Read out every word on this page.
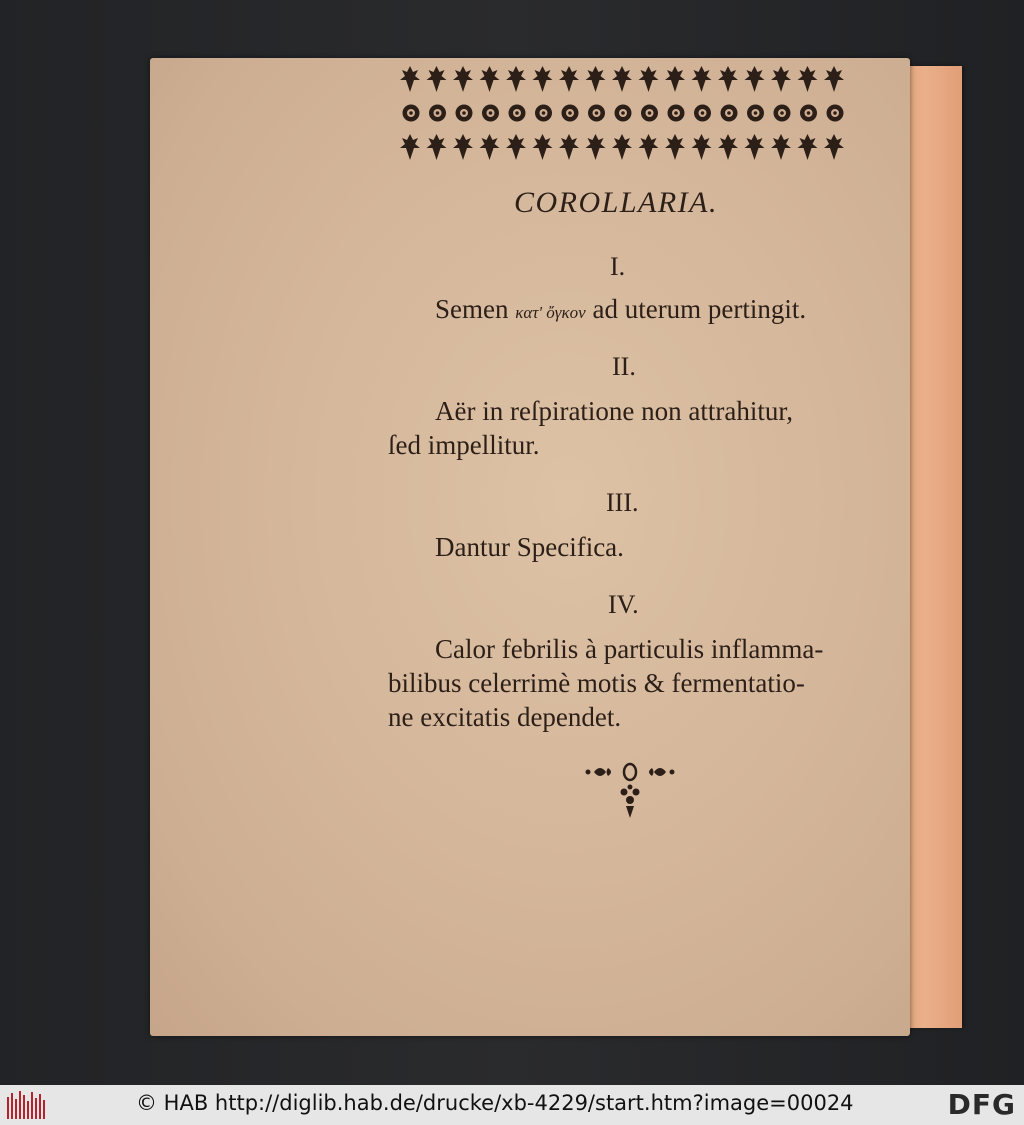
COROLLARIA.
I.
Semen κατ' ὄγκον ad uterum pertingit.
II.
Aër in reſpiratione non attrahitur,
ſed impellitur.
III.
Dantur Specifica.
IV.
Calor febrilis à particulis inflamma-
bilibus celerrimè motis & fermentatio-
ne excitatis dependet.
© HAB http://diglib.hab.de/drucke/xb-4229/start.htm?image=00024	DFG
